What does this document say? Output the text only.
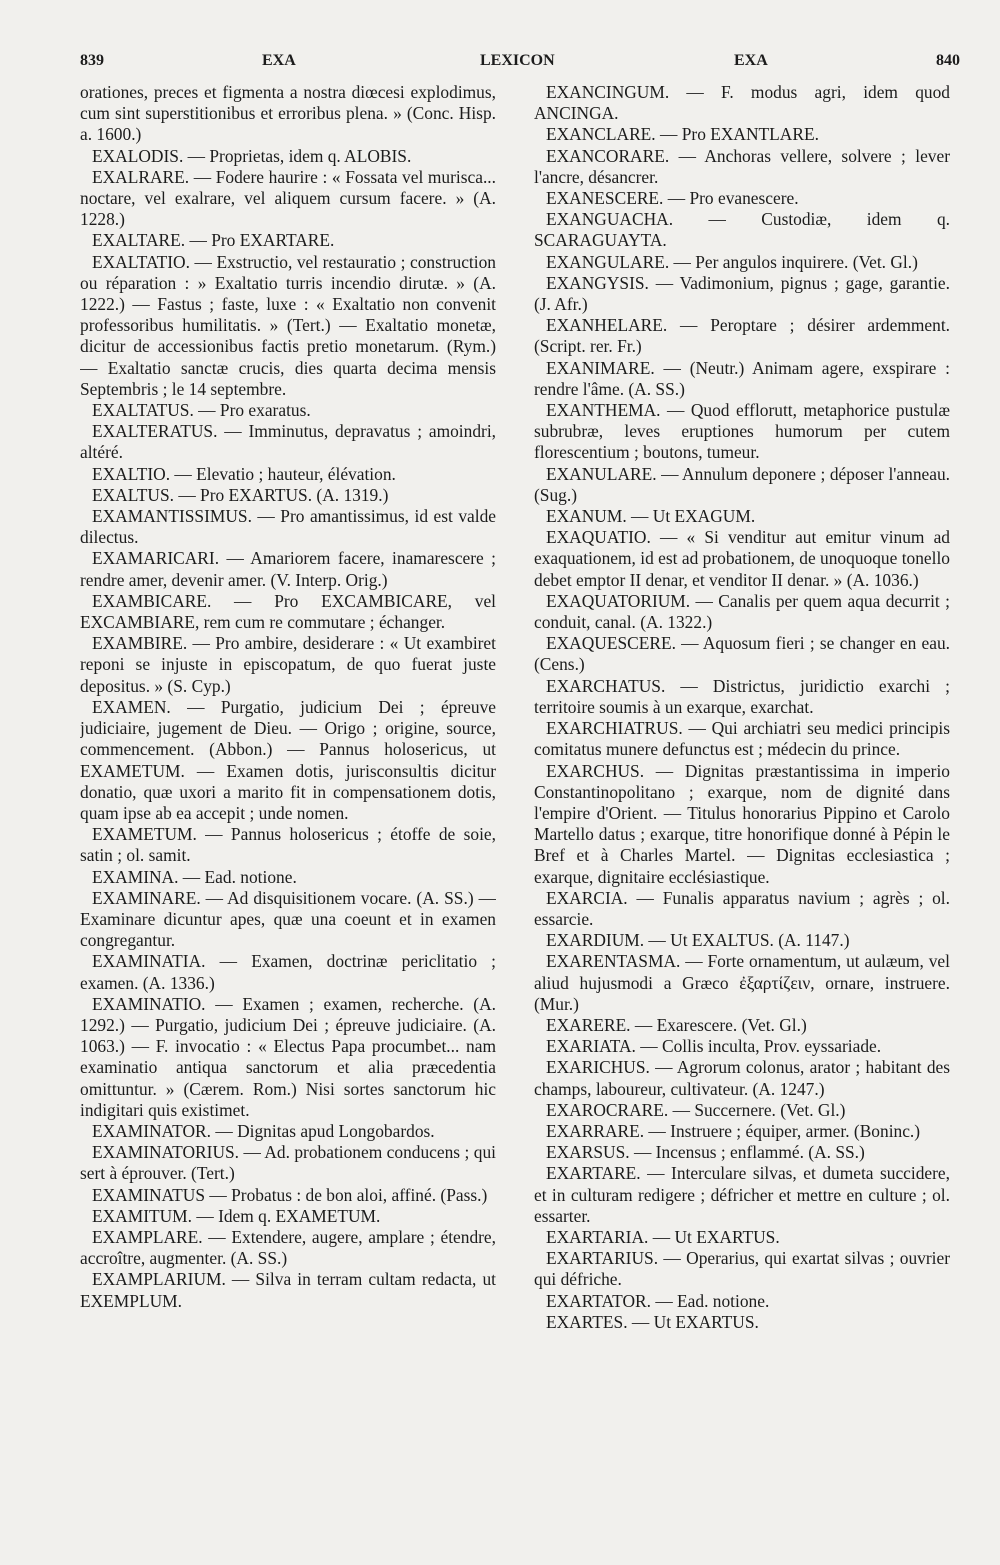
839	EXA	LEXICON	EXA	840

orationes, preces et figmenta a nostra diœcesi explodimus, cum sint superstitionibus et erroribus plena. » (Conc. Hisp. a. 1600.)

EXALODIS. — Proprietas, idem q. ALOBIS.

EXALRARE. — Fodere haurire : « Fossata vel murisca... noctare, vel exalrare, vel aliquem cursum facere. » (A. 1228.)

EXALTARE. — Pro EXARTARE.

EXALTATIO. — Exstructio, vel restauratio ; construction ou réparation : » Exaltatio turris incendio dirutæ. » (A. 1222.) — Fastus ; faste, luxe : « Exaltatio non convenit professoribus humilitatis. » (Tert.) — Exaltatio monetæ, dicitur de accessionibus factis pretio monetarum. (Rym.) — Exaltatio sanctæ crucis, dies quarta decima mensis Septembris ; le 14 septembre.

EXALTATUS. — Pro exaratus.

EXALTERATUS. — Imminutus, depravatus ; amoindri, altéré.

EXALTIO. — Elevatio ; hauteur, élévation.

EXALTUS. — Pro EXARTUS. (A. 1319.)

EXAMANTISSIMUS. — Pro amantissimus, id est valde dilectus.

EXAMARICARI. — Amariorem facere, inamarescere ; rendre amer, devenir amer. (V. Interp. Orig.)

EXAMBICARE. — Pro EXCAMBICARE, vel EXCAMBIARE, rem cum re commutare ; échanger.

EXAMBIRE. — Pro ambire, desiderare : « Ut exambiret reponi se injuste in episcopatum, de quo fuerat juste depositus. » (S. Cyp.)

EXAMEN. — Purgatio, judicium Dei ; épreuve judiciaire, jugement de Dieu. — Origo ; origine, source, commencement. (Abbon.) — Pannus holosericus, ut EXAMETUM. — Examen dotis, jurisconsultis dicitur donatio, quæ uxori a marito fit in compensationem dotis, quam ipse ab ea accepit ; unde nomen.

EXAMETUM. — Pannus holosericus ; étoffe de soie, satin ; ol. samit.

EXAMINA. — Ead. notione.

EXAMINARE. — Ad disquisitionem vocare. (A. SS.) — Examinare dicuntur apes, quæ una coeunt et in examen congregantur.

EXAMINATIA. — Examen, doctrinæ periclitatio ; examen. (A. 1336.)

EXAMINATIO. — Examen ; examen, recherche. (A. 1292.) — Purgatio, judicium Dei ; épreuve judiciaire. (A. 1063.) — F. invocatio : « Electus Papa procumbet... nam examinatio antiqua sanctorum et alia præcedentia omittuntur. » (Cærem. Rom.) Nisi sortes sanctorum hic indigitari quis existimet.

EXAMINATOR. — Dignitas apud Longobardos.

EXAMINATORIUS. — Ad. probationem conducens ; qui sert à éprouver. (Tert.)

EXAMINATUS — Probatus : de bon aloi, affiné. (Pass.)

EXAMITUM. — Idem q. EXAMETUM.

EXAMPLARE. — Extendere, augere, amplare ; étendre, accroître, augmenter. (A. SS.)

EXAMPLARIUM. — Silva in terram cultam redacta, ut EXEMPLUM.

EXANCINGUM. — F. modus agri, idem quod ANCINGA.

EXANCLARE. — Pro EXANTLARE.

EXANCORARE. — Anchoras vellere, solvere ; lever l'ancre, désancrer.

EXANESCERE. — Pro evanescere.

EXANGUACHA. — Custodiæ, idem q. SCARAGUAYTA.

EXANGULARE. — Per angulos inquirere. (Vet. Gl.)

EXANGYSIS. — Vadimonium, pignus ; gage, garantie. (J. Afr.)

EXANHELARE. — Peroptare ; désirer ardemment. (Script. rer. Fr.)

EXANIMARE. — (Neutr.) Animam agere, exspirare : rendre l'âme. (A. SS.)

EXANTHEMA. — Quod efflorutt, metaphorice pustulæ subrubræ, leves eruptiones humorum per cutem florescentium ; boutons, tumeur.

EXANULARE. — Annulum deponere ; déposer l'anneau. (Sug.)

EXANUM. — Ut EXAGUM.

EXAQUATIO. — « Si venditur aut emitur vinum ad exaquationem, id est ad probationem, de unoquoque tonello debet emptor II denar, et venditor II denar. » (A. 1036.)

EXAQUATORIUM. — Canalis per quem aqua decurrit ; conduit, canal. (A. 1322.)

EXAQUESCERE. — Aquosum fieri ; se changer en eau. (Cens.)

EXARCHATUS. — Districtus, juridictio exarchi ; territoire soumis à un exarque, exarchat.

EXARCHIATRUS. — Qui archiatri seu medici principis comitatus munere defunctus est ; médecin du prince.

EXARCHUS. — Dignitas præstantissima in imperio Constantinopolitano ; exarque, nom de dignité dans l'empire d'Orient. — Titulus honorarius Pippino et Carolo Martello datus ; exarque, titre honorifique donné à Pépin le Bref et à Charles Martel. — Dignitas ecclesiastica ; exarque, dignitaire ecclésiastique.

EXARCIA. — Funalis apparatus navium ; agrès ; ol. essarcie.

EXARDIUM. — Ut EXALTUS. (A. 1147.)

EXARENTASMA. — Forte ornamentum, ut aulæum, vel aliud hujusmodi a Græco ἐξαρτίζειν, ornare, instruere. (Mur.)

EXARERE. — Exarescere. (Vet. Gl.)

EXARIATA. — Collis inculta, Prov. eyssariade.

EXARICHUS. — Agrorum colonus, arator ; habitant des champs, laboureur, cultivateur. (A. 1247.)

EXAROCRARE. — Succernere. (Vet. Gl.)

EXARRARE. — Instruere ; équiper, armer. (Boninc.)

EXARSUS. — Incensus ; enflammé. (A. SS.)

EXARTARE. — Intercularе silvas, et dumeta succidere, et in culturam redigere ; défricher et mettre en culture ; ol. essarter.

EXARTARIA. — Ut EXARTUS.

EXARTARIUS. — Operarius, qui exartat silvas ; ouvrier qui défriche.

EXARTATOR. — Ead. notione.

EXARTES. — Ut EXARTUS.
